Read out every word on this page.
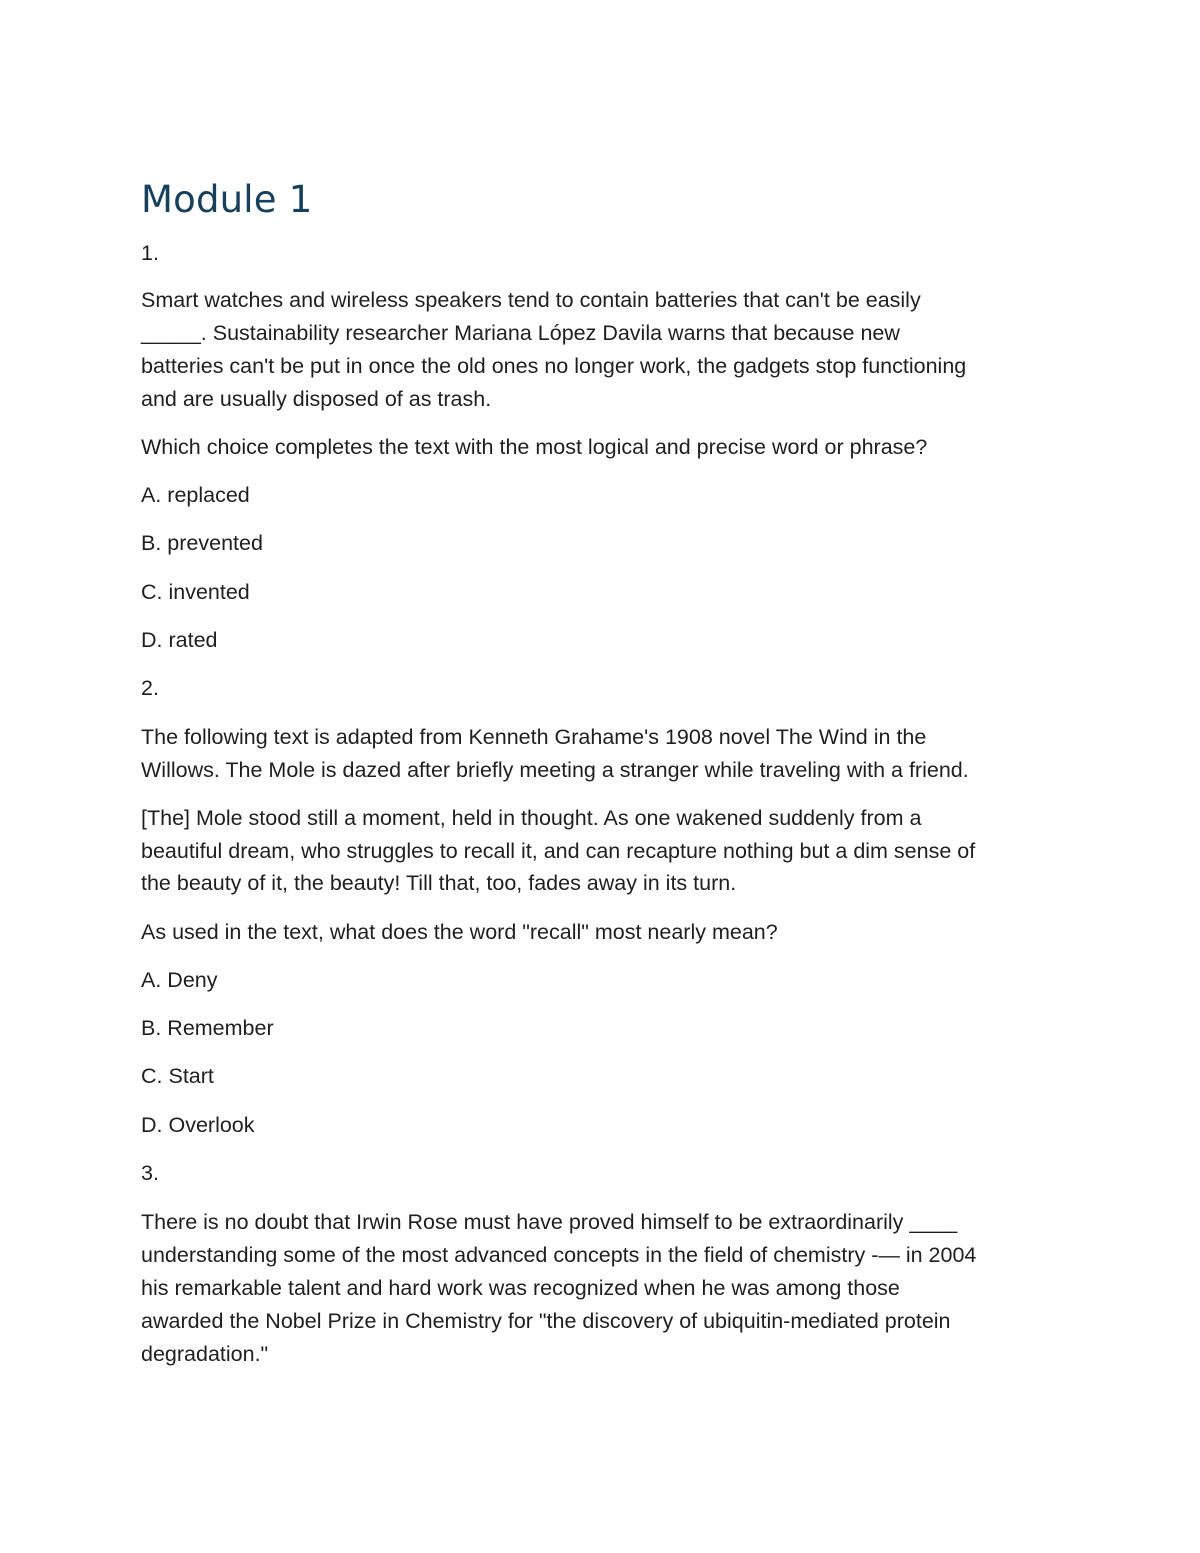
Module 1

1.

Smart watches and wireless speakers tend to contain batteries that can't be easily

_____. Sustainability researcher Mariana López Davila warns that because new

batteries can't be put in once the old ones no longer work, the gadgets stop functioning

and are usually disposed of as trash.

Which choice completes the text with the most logical and precise word or phrase?

A. replaced

B. prevented

C. invented

D. rated

2.

The following text is adapted from Kenneth Grahame's 1908 novel The Wind in the

Willows. The Mole is dazed after briefly meeting a stranger while traveling with a friend.

[The] Mole stood still a moment, held in thought. As one wakened suddenly from a

beautiful dream, who struggles to recall it, and can recapture nothing but a dim sense of

the beauty of it, the beauty! Till that, too, fades away in its turn.

As used in the text, what does the word "recall" most nearly mean?

A. Deny

B. Remember

C. Start

D. Overlook

3.

There is no doubt that Irwin Rose must have proved himself to be extraordinarily ____

understanding some of the most advanced concepts in the field of chemistry -— in 2004

his remarkable talent and hard work was recognized when he was among those

awarded the Nobel Prize in Chemistry for "the discovery of ubiquitin-mediated protein

degradation."
